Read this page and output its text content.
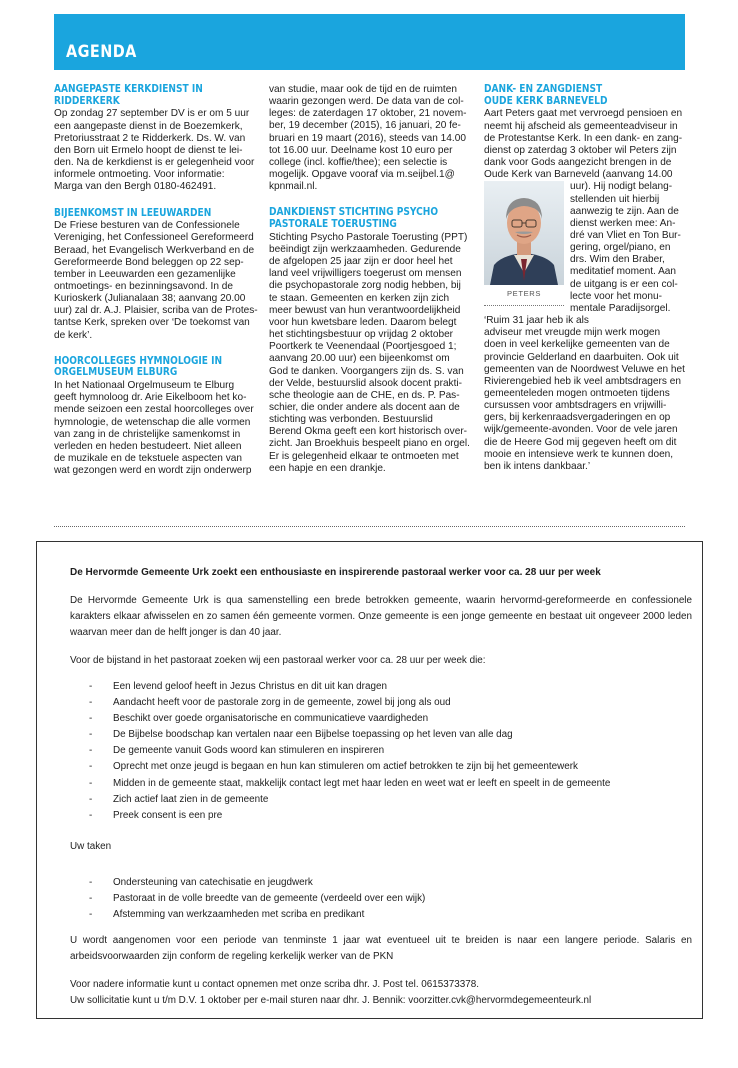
AGENDA
AANGEPASTE KERKDIENST IN
RIDDERKERK
Op zondag 27 september DV is er om 5 uur
een aangepaste dienst in de Boezemkerk,
Pretoriusstraat 2 te Ridderkerk. Ds. W. van
den Born uit Ermelo hoopt de dienst te lei-
den. Na de kerkdienst is er gelegenheid voor
informele ontmoeting. Voor informatie:
Marga van den Bergh 0180-462491.
BIJEENKOMST IN LEEUWARDEN
De Friese besturen van de Confessionele
Vereniging, het Confessioneel Gereformeerd
Beraad, het Evangelisch Werkverband en de
Gereformeerde Bond beleggen op 22 sep-
tember in Leeuwarden een gezamenlijke
ontmoetings- en bezinningsavond. In de
Kurioskerk (Julianalaan 38; aanvang 20.00
uur) zal dr. A.J. Plaisier, scriba van de Protes-
tantse Kerk, spreken over ‘De toekomst van
de kerk’.
HOORCOLLEGES HYMNOLOGIE IN
ORGELMUSEUM ELBURG
In het Nationaal Orgelmuseum te Elburg
geeft hymnoloog dr. Arie Eikelboom het ko-
mende seizoen een zestal hoorcolleges over
hymnologie, de wetenschap die alle vormen
van zang in de christelijke samenkomst in
verleden en heden bestudeert. Niet alleen
de muzikale en de tekstuele aspecten van
wat gezongen werd en wordt zijn onderwerp
van studie, maar ook de tijd en de ruimten
waarin gezongen werd. De data van de col-
leges: de zaterdagen 17 oktober, 21 novem-
ber, 19 december (2015), 16 januari, 20 fe-
bruari en 19 maart (2016), steeds van 14.00
tot 16.00 uur. Deelname kost 10 euro per
college (incl. koffie/thee); een selectie is
mogelijk. Opgave vooraf via m.seijbel.1@
kpnmail.nl.
DANKDIENST STICHTING PSYCHO
PASTORALE TOERUSTING
Stichting Psycho Pastorale Toerusting (PPT)
beëindigt zijn werkzaamheden. Gedurende
de afgelopen 25 jaar zijn er door heel het
land veel vrijwilligers toegerust om mensen
die psychopastorale zorg nodig hebben, bij
te staan. Gemeenten en kerken zijn zich
meer bewust van hun verantwoordelijkheid
voor hun kwetsbare leden. Daarom belegt
het stichtingsbestuur op vrijdag 2 oktober
Poortkerk te Veenendaal (Poortjesgoed 1;
aanvang 20.00 uur) een bijeenkomst om
God te danken. Voorgangers zijn ds. S. van
der Velde, bestuurslid alsook docent prakti-
sche theologie aan de CHE, en ds. P. Pas-
schier, die onder andere als docent aan de
stichting was verbonden. Bestuurslid
Berend Okma geeft een kort historisch over-
zicht. Jan Broekhuis bespeelt piano en orgel.
Er is gelegenheid elkaar te ontmoeten met
een hapje en een drankje.
DANK- EN ZANGDIENST
OUDE KERK BARNEVELD
Aart Peters gaat met vervroegd pensioen en
neemt hij afscheid als gemeenteadviseur in
de Protestantse Kerk. In een dank- en zang-
dienst op zaterdag 3 oktober wil Peters zijn
dank voor Gods aangezicht brengen in de
Oude Kerk van Barneveld (aanvang 14.00
PETERS
uur). Hij nodigt belang-
stellenden uit hierbij
aanwezig te zijn. Aan de
dienst werken mee: An-
dré van Vliet en Ton Bur-
gering, orgel/piano, en
drs. Wim den Braber,
meditatief moment. Aan
de uitgang is er een col-
lecte voor het monu-
mentale Paradijsorgel.
‘Ruim 31 jaar heb ik als
adviseur met vreugde mijn werk mogen
doen in veel kerkelijke gemeenten van de
provincie Gelderland en daarbuiten. Ook uit
gemeenten van de Noordwest Veluwe en het
Rivierengebied heb ik veel ambtsdragers en
gemeenteleden mogen ontmoeten tijdens
cursussen voor ambtsdragers en vrijwilli-
gers, bij kerkenraadsvergaderingen en op
wijk/gemeente-avonden. Voor de vele jaren
die de Heere God mij gegeven heeft om dit
mooie en intensieve werk te kunnen doen,
ben ik intens dankbaar.’
De Hervormde Gemeente Urk zoekt een enthousiaste en inspirerende pastoraal werker voor ca. 28 uur per week
De Hervormde Gemeente Urk is qua samenstelling een brede betrokken gemeente, waarin hervormd-gereformeerde en confessionele karakters elkaar afwisselen en zo samen één gemeente vormen. Onze gemeente is een jonge gemeente en bestaat uit ongeveer 2000 leden waarvan meer dan de helft jonger is dan 40 jaar.
Voor de bijstand in het pastoraat zoeken wij een pastoraal werker voor ca. 28 uur per week die:
- Een levend geloof heeft in Jezus Christus en dit uit kan dragen
- Aandacht heeft voor de pastorale zorg in de gemeente, zowel bij jong als oud
- Beschikt over goede organisatorische en communicatieve vaardigheden
- De Bijbelse boodschap kan vertalen naar een Bijbelse toepassing op het leven van alle dag
- De gemeente vanuit Gods woord kan stimuleren en inspireren
- Oprecht met onze jeugd is begaan en hun kan stimuleren om actief betrokken te zijn bij het gemeentewerk
- Midden in de gemeente staat, makkelijk contact legt met haar leden en weet wat er leeft en speelt in de gemeente
- Zich actief laat zien in de gemeente
- Preek consent is een pre
Uw taken
- Ondersteuning van catechisatie en jeugdwerk
- Pastoraat in de volle breedte van de gemeente (verdeeld over een wijk)
- Afstemming van werkzaamheden met scriba en predikant
U wordt aangenomen voor een periode van tenminste 1 jaar wat eventueel uit te breiden is naar een langere periode. Salaris en arbeidsvoorwaarden zijn conform de regeling kerkelijk werker van de PKN
Voor nadere informatie kunt u contact opnemen met onze scriba dhr. J. Post tel. 0615373378.
Uw sollicitatie kunt u t/m D.V. 1 oktober per e-mail sturen naar dhr. J. Bennik: voorzitter.cvk@hervormdegemeenteurk.nl
